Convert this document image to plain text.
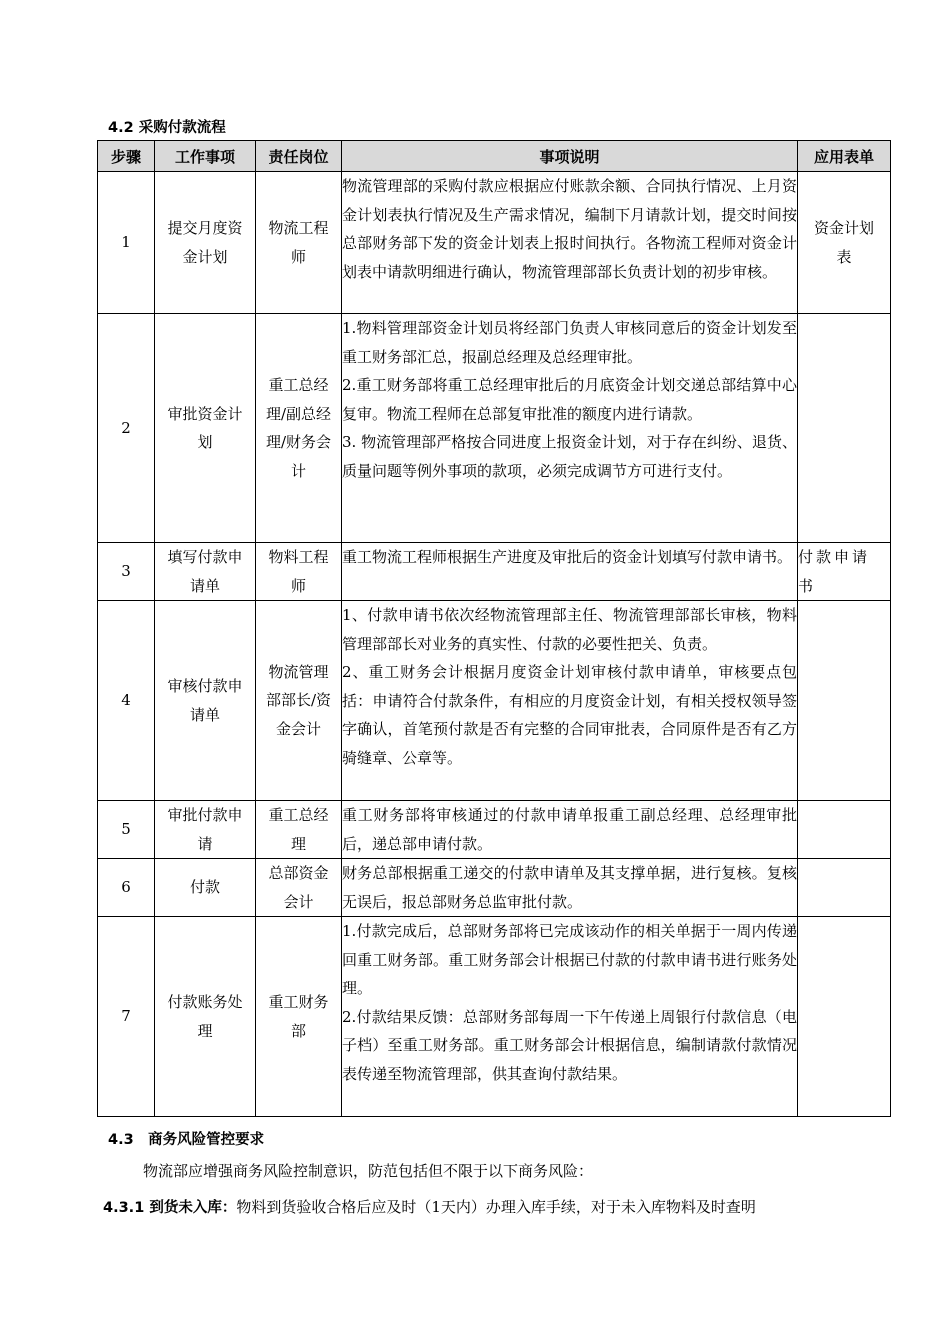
4.2 采购付款流程
步骤	工作事项	责任岗位	事项说明	应用表单
1	提交月度资金计划	物流工程师	物流管理部的采购付款应根据应付账款余额、合同执行情况、上月资金计划表执行情况及生产需求情况，编制下月请款计划，提交时间按总部财务部下发的资金计划表上报时间执行。各物流工程师对资金计划表中请款明细进行确认，物流管理部部长负责计划的初步审核。	资金计划表

2	审批资金计划	重工总经理/副总经理/财务会计	1.物料管理部资金计划员将经部门负责人审核同意后的资金计划发至重工财务部汇总，报副总经理及总经理审批。
2.重工财务部将重工总经理审批后的月底资金计划交递总部结算中心复审。物流工程师在总部复审批准的额度内进行请款。
3. 物流管理部严格按合同进度上报资金计划，对于存在纠纷、退货、质量问题等例外事项的款项，必须完成调节方可进行支付。	

3	填写付款申请单	物料工程师	重工物流工程师根据生产进度及审批后的资金计划填写付款申请书。	付款申请书

4	审核付款申请单	物流管理部部长/资金会计	1、付款申请书依次经物流管理部主任、物流管理部部长审核，物料管理部部长对业务的真实性、付款的必要性把关、负责。
2、重工财务会计根据月度资金计划审核付款申请单，审核要点包括：申请符合付款条件，有相应的月度资金计划，有相关授权领导签字确认，首笔预付款是否有完整的合同审批表，合同原件是否有乙方骑缝章、公章等。	

5	审批付款申请	重工总经理	重工财务部将审核通过的付款申请单报重工副总经理、总经理审批后，递总部申请付款。	

6	付款	总部资金会计	财务总部根据重工递交的付款申请单及其支撑单据，进行复核。复核无误后，报总部财务总监审批付款。	

7	付款账务处理	重工财务部	1.付款完成后，总部财务部将已完成该动作的相关单据于一周内传递回重工财务部。重工财务部会计根据已付款的付款申请书进行账务处理。
2.付款结果反馈：总部财务部每周一下午传递上周银行付款信息（电子档）至重工财务部。重工财务部会计根据信息，编制请款付款情况表传递至物流管理部，供其查询付款结果。	

4.3　商务风险管控要求
物流部应增强商务风险控制意识，防范包括但不限于以下商务风险：
4.3.1 到货未入库：物料到货验收合格后应及时（1天内）办理入库手续，对于未入库物料及时查明
